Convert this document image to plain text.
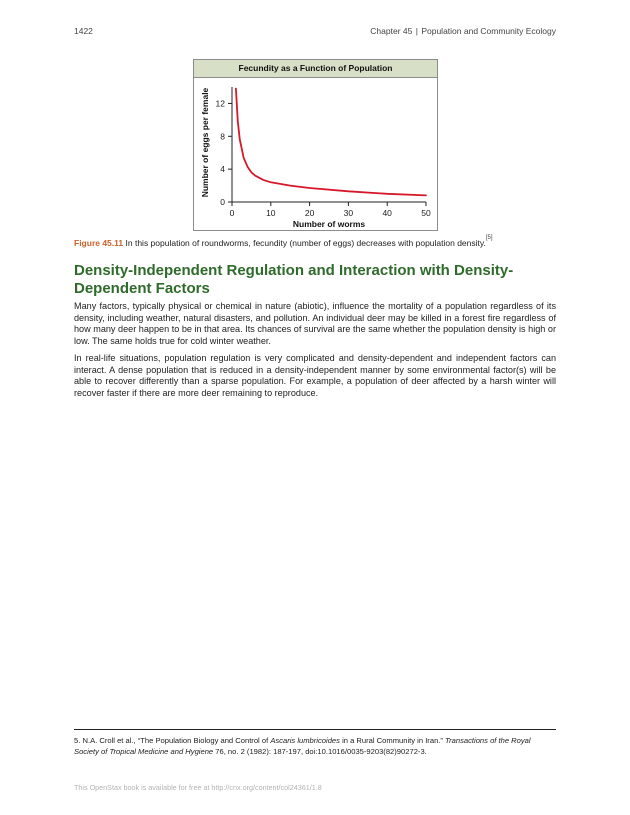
1422	Chapter 45 | Population and Community Ecology
Fecundity as a Function of Population
0
4
8
12
0	10	20	30	40	50
Number of worms
Number of eggs per female
Figure 45.11 In this population of roundworms, fecundity (number of eggs) decreases with population density.[5]
Density-Independent Regulation and Interaction with Density-Dependent Factors

Many factors, typically physical or chemical in nature (abiotic), influence the mortality of a population regardless of its density, including weather, natural disasters, and pollution. An individual deer may be killed in a forest fire regardless of how many deer happen to be in that area. Its chances of survival are the same whether the population density is high or low. The same holds true for cold winter weather.

In real-life situations, population regulation is very complicated and density-dependent and independent factors can interact. A dense population that is reduced in a density-independent manner by some environmental factor(s) will be able to recover differently than a sparse population. For example, a population of deer affected by a harsh winter will recover faster if there are more deer remaining to reproduce.

5. N.A. Croll et al., “The Population Biology and Control of Ascaris lumbricoides in a Rural Community in Iran.” Transactions of the Royal Society of Tropical Medicine and Hygiene 76, no. 2 (1982): 187-197, doi:10.1016/0035-9203(82)90272-3.

This OpenStax book is available for free at http://cnx.org/content/col24361/1.8
